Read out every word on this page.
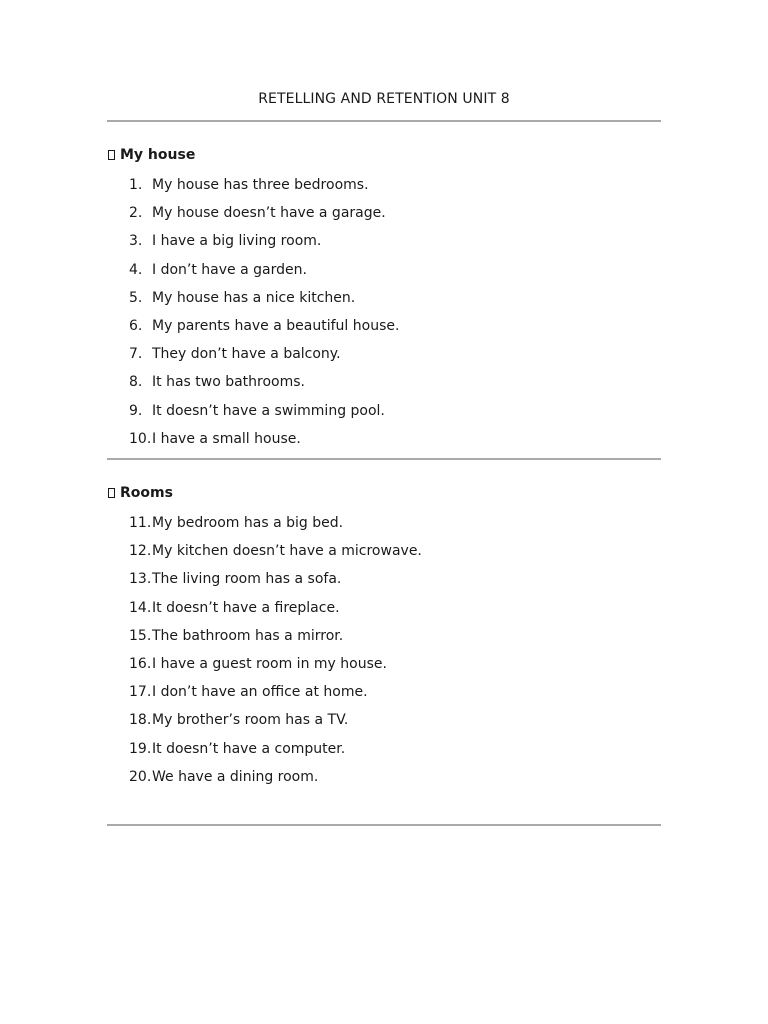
RETELLING AND RETENTION UNIT 8
My house
1. My house has three bedrooms.
2. My house doesn’t have a garage.
3. I have a big living room.
4. I don’t have a garden.
5. My house has a nice kitchen.
6. My parents have a beautiful house.
7. They don’t have a balcony.
8. It has two bathrooms.
9. It doesn’t have a swimming pool.
10. I have a small house.
Rooms
11. My bedroom has a big bed.
12. My kitchen doesn’t have a microwave.
13. The living room has a sofa.
14. It doesn’t have a fireplace.
15. The bathroom has a mirror.
16. I have a guest room in my house.
17. I don’t have an office at home.
18. My brother’s room has a TV.
19. It doesn’t have a computer.
20. We have a dining room.
